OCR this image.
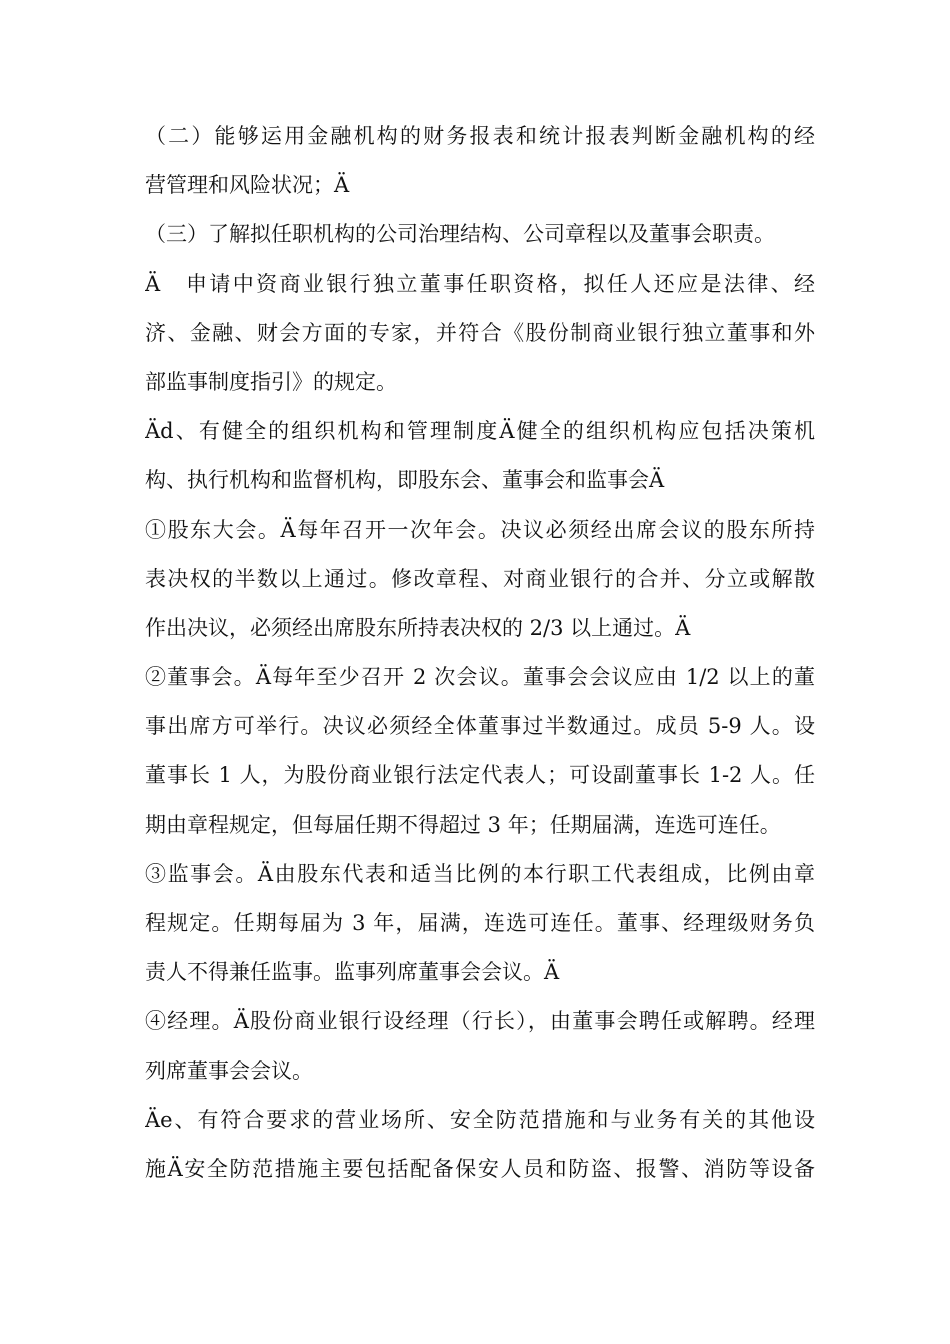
（二）能够运用金融机构的财务报表和统计报表判断金融机构的经
营管理和风险状况；Ä
（三）了解拟任职机构的公司治理结构、公司章程以及董事会职责。
Ä　申请中资商业银行独立董事任职资格，拟任人还应是法律、经
济、金融、财会方面的专家，并符合《股份制商业银行独立董事和外
部监事制度指引》的规定。
Äd、有健全的组织机构和管理制度Ä健全的组织机构应包括决策机
构、执行机构和监督机构，即股东会、董事会和监事会Ä
①股东大会。Ä每年召开一次年会。决议必须经出席会议的股东所持
表决权的半数以上通过。修改章程、对商业银行的合并、分立或解散
作出决议，必须经出席股东所持表决权的 2/3 以上通过。Ä
②董事会。Ä每年至少召开 2 次会议。董事会会议应由 1/2 以上的董
事出席方可举行。决议必须经全体董事过半数通过。成员 5-9 人。设
董事长 1 人，为股份商业银行法定代表人；可设副董事长 1-2 人。任
期由章程规定，但每届任期不得超过 3 年；任期届满，连选可连任。
③监事会。Ä由股东代表和适当比例的本行职工代表组成，比例由章
程规定。任期每届为 3 年，届满，连选可连任。董事、经理级财务负
责人不得兼任监事。监事列席董事会会议。Ä
④经理。Ä股份商业银行设经理（行长），由董事会聘任或解聘。经理
列席董事会会议。
Äe、有符合要求的营业场所、安全防范措施和与业务有关的其他设
施Ä安全防范措施主要包括配备保安人员和防盗、报警、消防等设备
